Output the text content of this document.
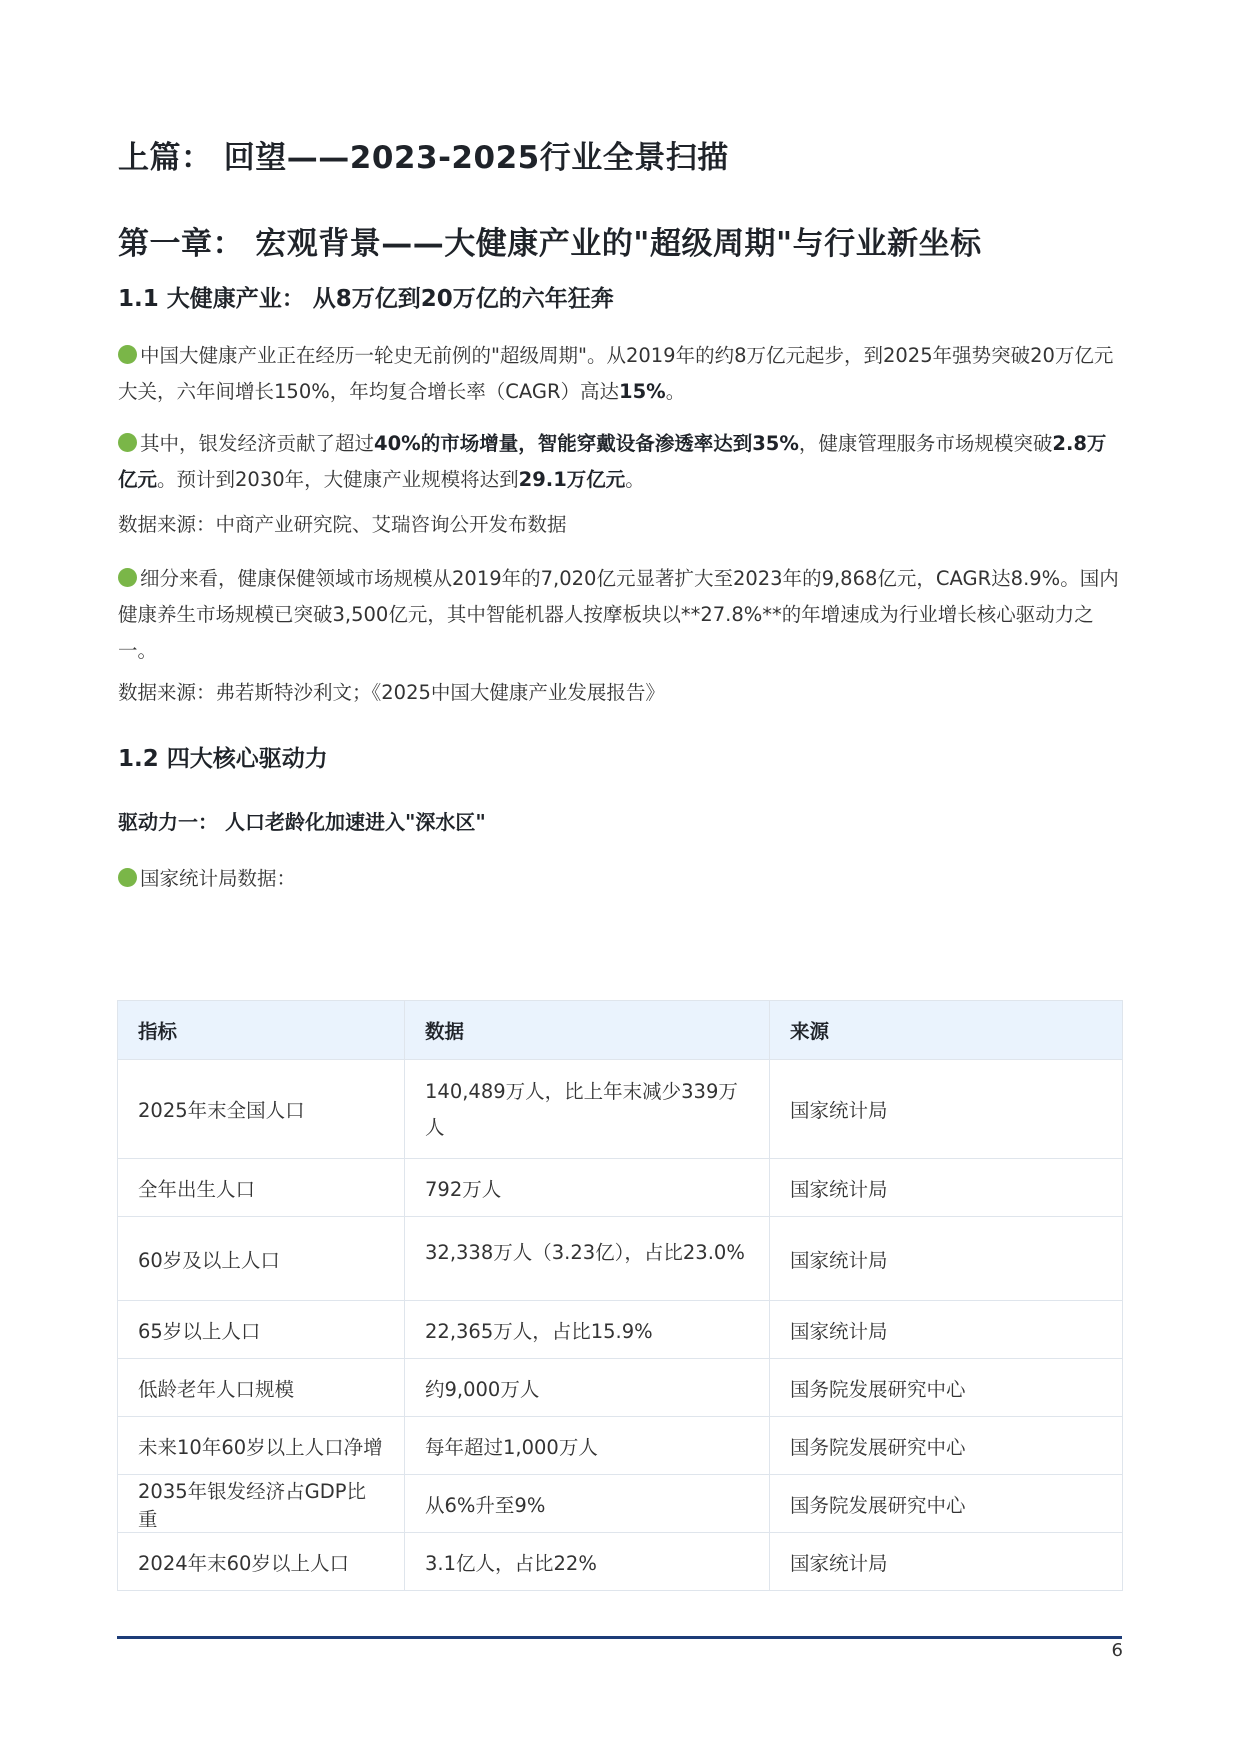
上篇： 回望——2023-2025行业全景扫描
第一章： 宏观背景——大健康产业的"超级周期"与行业新坐标
1.1 大健康产业： 从8万亿到20万亿的六年狂奔

中国大健康产业正在经历一轮史无前例的"超级周期"。从2019年的约8万亿元起步，到2025年强势突破20万亿元大关，六年间增长150%，年均复合增长率（CAGR）高达15%。

其中，银发经济贡献了超过40%的市场增量，智能穿戴设备渗透率达到35%，健康管理服务市场规模突破2.8万亿元。预计到2030年，大健康产业规模将达到29.1万亿元。

数据来源：中商产业研究院、艾瑞咨询公开发布数据

细分来看，健康保健领域市场规模从2019年的7,020亿元显著扩大至2023年的9,868亿元，CAGR达8.9%。国内健康养生市场规模已突破3,500亿元，其中智能机器人按摩板块以**27.8%**的年增速成为行业增长核心驱动力之一。

数据来源：弗若斯特沙利文；《2025中国大健康产业发展报告》

1.2 四大核心驱动力
驱动力一： 人口老龄化加速进入"深水区"

国家统计局数据：

指标	数据	来源
2025年末全国人口	140,489万人，比上年末减少339万人	国家统计局
全年出生人口	792万人	国家统计局
60岁及以上人口	32,338万人（3.23亿），占比23.0%	国家统计局
65岁以上人口	22,365万人，占比15.9%	国家统计局
低龄老年人口规模	约9,000万人	国务院发展研究中心
未来10年60岁以上人口净增	每年超过1,000万人	国务院发展研究中心
2035年银发经济占GDP比重	从6%升至9%	国务院发展研究中心
2024年末60岁以上人口	3.1亿人，占比22%	国家统计局
6
